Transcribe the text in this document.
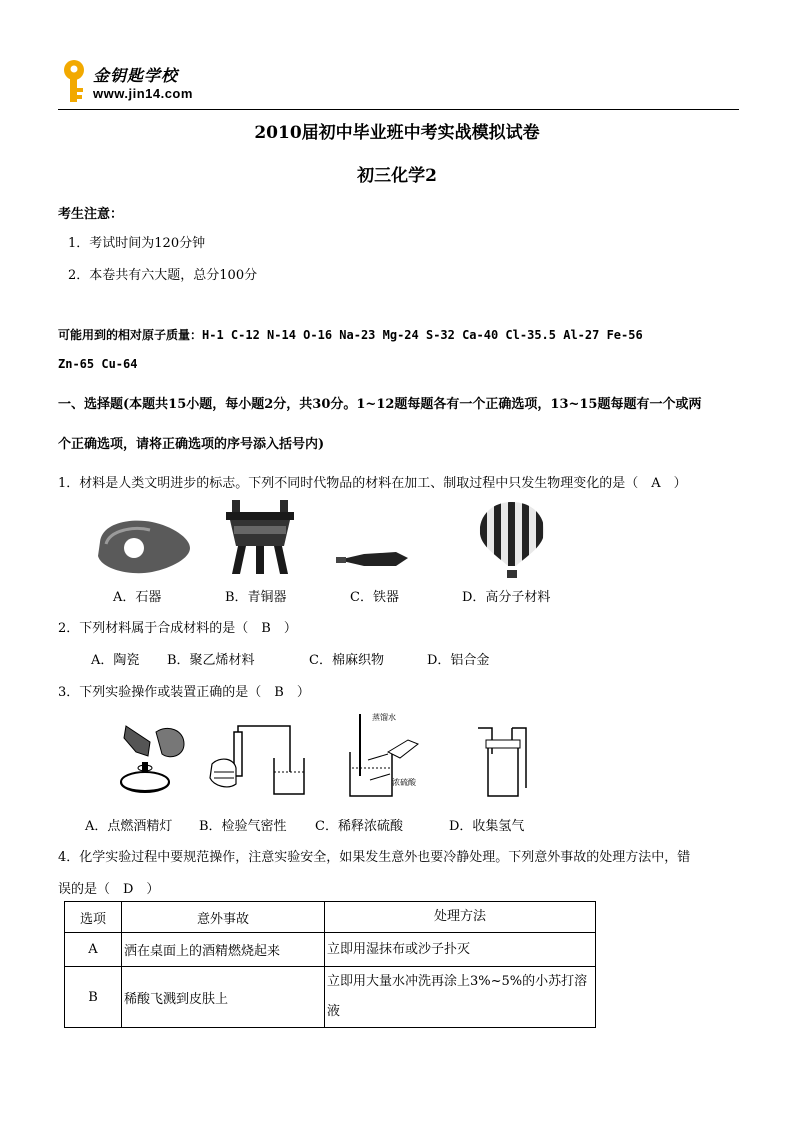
金钥匙学校
www.jin14.com
2010届初中毕业班中考实战模拟试卷
初三化学2
考生注意：
1．考试时间为120分钟
2．本卷共有六大题，总分100分
可能用到的相对原子质量：H-1 C-12 N-14 O-16 Na-23 Mg-24 S-32 Ca-40 Cl-35.5 Al-27 Fe-56
Zn-65 Cu-64
一、选择题(本题共15小题，每小题2分，共30分。1~12题每题各有一个正确选项，13~15题每题有一个或两
个正确选项，请将正确选项的序号添入括号内)
1．材料是人类文明进步的标志。下列不同时代物品的材料在加工、制取过程中只发生物理变化的是（　A　）
A．石器	B．青铜器	C．铁器	D．高分子材料
2．下列材料属于合成材料的是（　B　）
A．陶瓷 B．聚乙烯材料	C．棉麻织物	D．铝合金
3．下列实验操作或装置正确的是（　B　）
蒸馏水
浓硫酸
A．点燃酒精灯 B．检验气密性 C．稀释浓硫酸	D．收集氢气
4．化学实验过程中要规范操作，注意实验安全，如果发生意外也要冷静处理。下列意外事故的处理方法中，错
误的是（　D　）
选项	意外事故	处理方法
A	洒在桌面上的酒精燃烧起来	立即用湿抹布或沙子扑灭
B	稀酸飞溅到皮肤上	立即用大量水冲洗再涂上3%~5%的小苏打溶液
